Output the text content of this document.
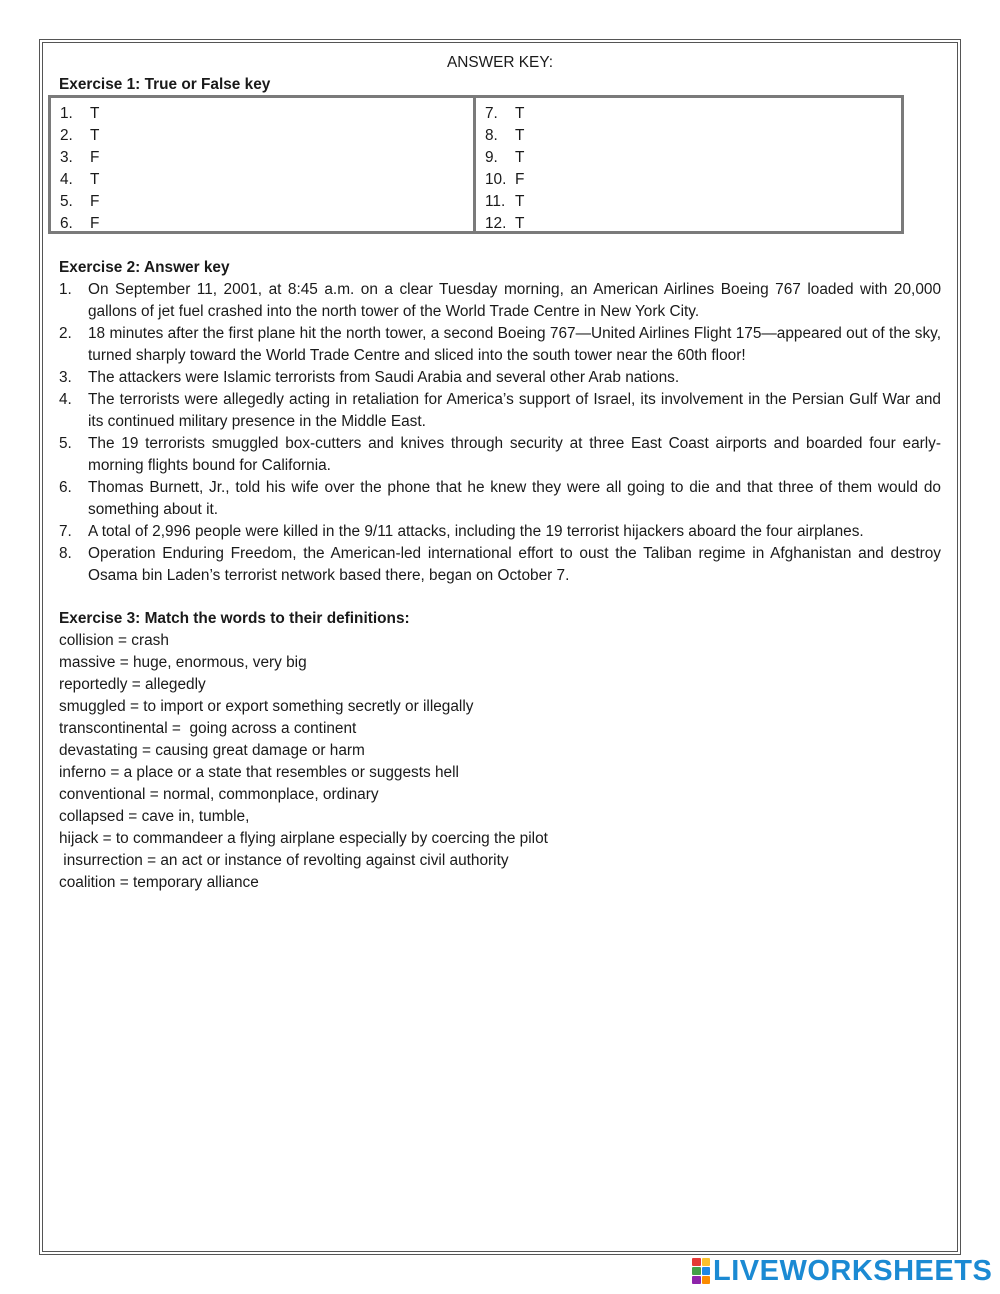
ANSWER KEY:
Exercise 1: True or False key
1.	T
2.	T
3.	F
4.	T
5.	F
6.	F
7.	T
8.	T
9.	T
10. F
11. T
12. T
Exercise 2: Answer key
1.	On September 11, 2001, at 8:45 a.m. on a clear Tuesday morning, an American Airlines Boeing 767 loaded with 20,000 gallons of jet fuel crashed into the north tower of the World Trade Centre in New York City.
2.	18 minutes after the first plane hit the north tower, a second Boeing 767—United Airlines Flight 175—appeared out of the sky, turned sharply toward the World Trade Centre and sliced into the south tower near the 60th floor!
3.	The attackers were Islamic terrorists from Saudi Arabia and several other Arab nations.
4.	The terrorists were allegedly acting in retaliation for America’s support of Israel, its involvement in the Persian Gulf War and its continued military presence in the Middle East.
5.	The 19 terrorists smuggled box-cutters and knives through security at three East Coast airports and boarded four early-morning flights bound for California.
6.	Thomas Burnett, Jr., told his wife over the phone that he knew they were all going to die and that three of them would do something about it.
7.	A total of 2,996 people were killed in the 9/11 attacks, including the 19 terrorist hijackers aboard the four airplanes.
8.	Operation Enduring Freedom, the American-led international effort to oust the Taliban regime in Afghanistan and destroy Osama bin Laden’s terrorist network based there, began on October 7.
Exercise 3: Match the words to their definitions:
collision = crash
massive = huge, enormous, very big
reportedly = allegedly
smuggled = to import or export something secretly or illegally
transcontinental =  going across a continent
devastating = causing great damage or harm
inferno = a place or a state that resembles or suggests hell
conventional = normal, commonplace, ordinary
collapsed = cave in, tumble,
hijack = to commandeer a flying airplane especially by coercing the pilot
insurrection = an act or instance of revolting against civil authority
coalition = temporary alliance
LIVEWORKSHEETS
